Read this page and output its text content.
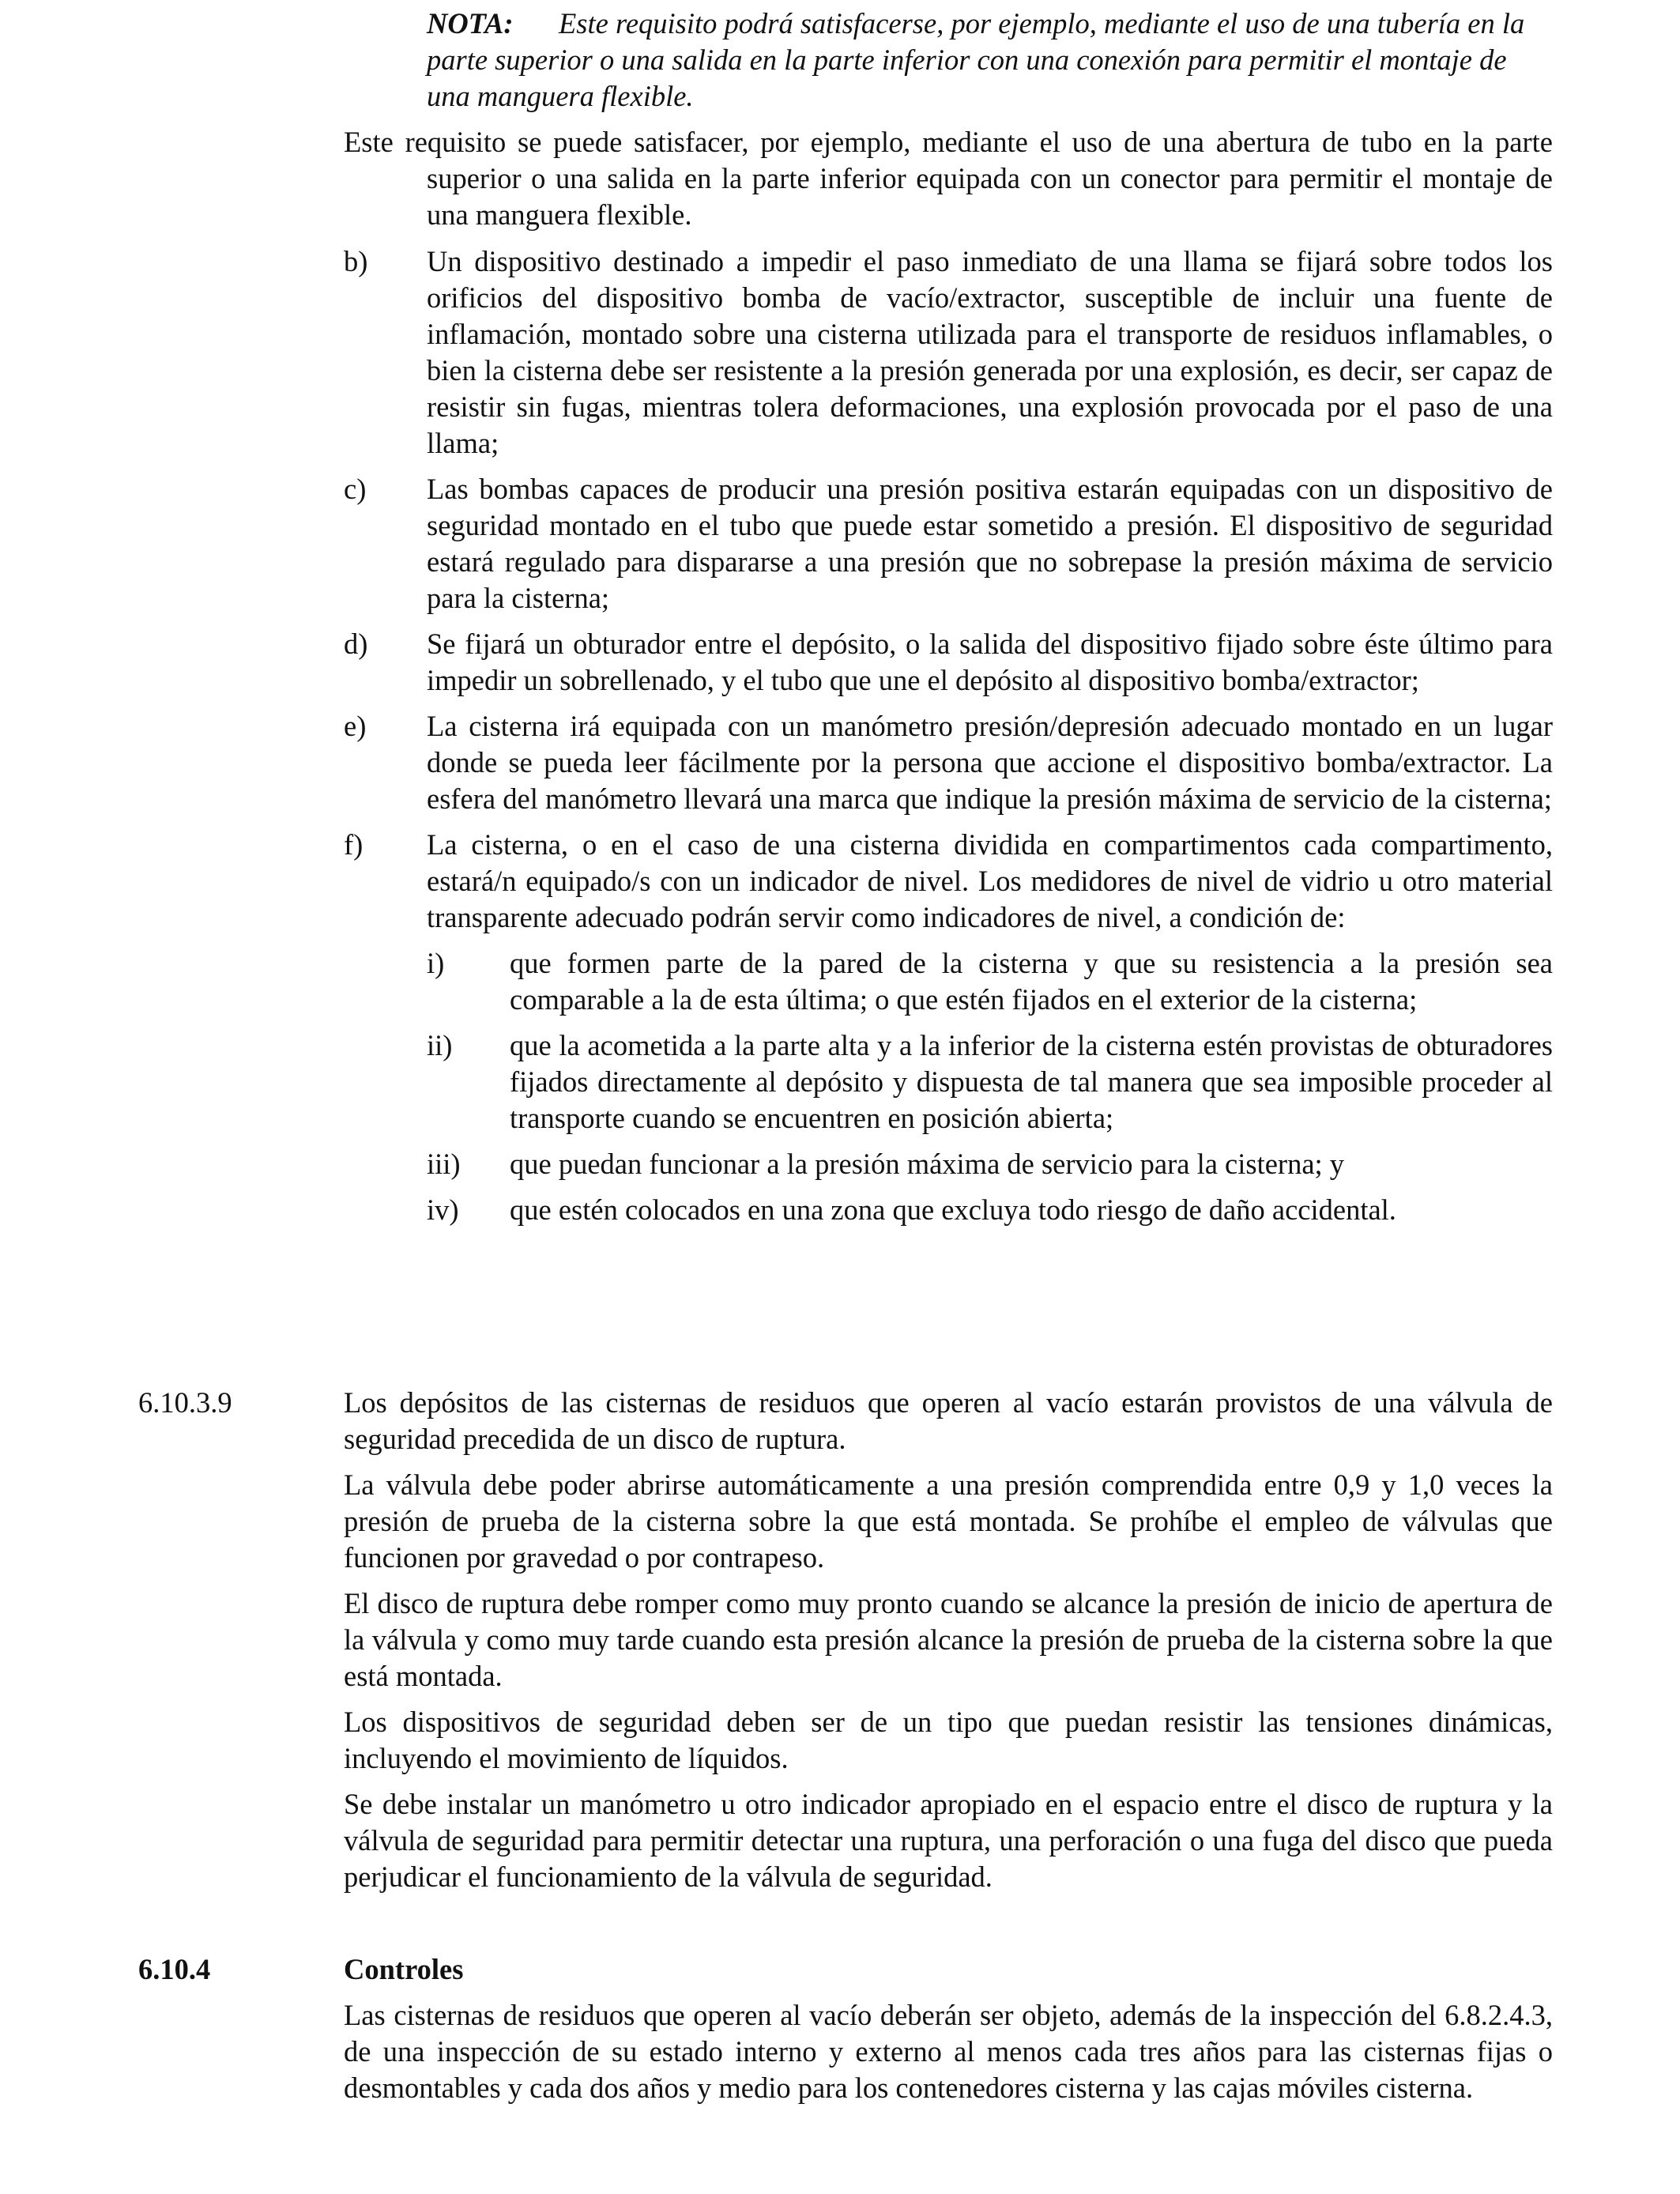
NOTA: Este requisito podrá satisfacerse, por ejemplo, mediante el uso de una tubería en la parte superior o una salida en la parte inferior con una conexión para permitir el montaje de una manguera flexible.

Este requisito se puede satisfacer, por ejemplo, mediante el uso de una abertura de tubo en la parte superior o una salida en la parte inferior equipada con un conector para permitir el montaje de una manguera flexible.

b) Un dispositivo destinado a impedir el paso inmediato de una llama se fijará sobre todos los orificios del dispositivo bomba de vacío/extractor, susceptible de incluir una fuente de inflamación, montado sobre una cisterna utilizada para el transporte de residuos inflamables, o bien la cisterna debe ser resistente a la presión generada por una explosión, es decir, ser capaz de resistir sin fugas, mientras tolera deformaciones, una explosión provocada por el paso de una llama;

c) Las bombas capaces de producir una presión positiva estarán equipadas con un dispositivo de seguridad montado en el tubo que puede estar sometido a presión. El dispositivo de seguridad estará regulado para dispararse a una presión que no sobrepase la presión máxima de servicio para la cisterna;

d) Se fijará un obturador entre el depósito, o la salida del dispositivo fijado sobre éste último para impedir un sobrellenado, y el tubo que une el depósito al dispositivo bomba/extractor;

e) La cisterna irá equipada con un manómetro presión/depresión adecuado montado en un lugar donde se pueda leer fácilmente por la persona que accione el dispositivo bomba/extractor. La esfera del manómetro llevará una marca que indique la presión máxima de servicio de la cisterna;

f) La cisterna, o en el caso de una cisterna dividida en compartimentos cada compartimento, estará/n equipado/s con un indicador de nivel. Los medidores de nivel de vidrio u otro material transparente adecuado podrán servir como indicadores de nivel, a condición de:

i) que formen parte de la pared de la cisterna y que su resistencia a la presión sea comparable a la de esta última; o que estén fijados en el exterior de la cisterna;

ii) que la acometida a la parte alta y a la inferior de la cisterna estén provistas de obturadores fijados directamente al depósito y dispuesta de tal manera que sea imposible proceder al transporte cuando se encuentren en posición abierta;

iii) que puedan funcionar a la presión máxima de servicio para la cisterna; y

iv) que estén colocados en una zona que excluya todo riesgo de daño accidental.

6.10.3.9	Los depósitos de las cisternas de residuos que operen al vacío estarán provistos de una válvula de seguridad precedida de un disco de ruptura.

La válvula debe poder abrirse automáticamente a una presión comprendida entre 0,9 y 1,0 veces la presión de prueba de la cisterna sobre la que está montada. Se prohíbe el empleo de válvulas que funcionen por gravedad o por contrapeso.

El disco de ruptura debe romper como muy pronto cuando se alcance la presión de inicio de apertura de la válvula y como muy tarde cuando esta presión alcance la presión de prueba de la cisterna sobre la que está montada.

Los dispositivos de seguridad deben ser de un tipo que puedan resistir las tensiones dinámicas, incluyendo el movimiento de líquidos.

Se debe instalar un manómetro u otro indicador apropiado en el espacio entre el disco de ruptura y la válvula de seguridad para permitir detectar una ruptura, una perforación o una fuga del disco que pueda perjudicar el funcionamiento de la válvula de seguridad.

6.10.4	Controles

Las cisternas de residuos que operen al vacío deberán ser objeto, además de la inspección del 6.8.2.4.3, de una inspección de su estado interno y externo al menos cada tres años para las cisternas fijas o desmontables y cada dos años y medio para los contenedores cisterna y las cajas móviles cisterna.
